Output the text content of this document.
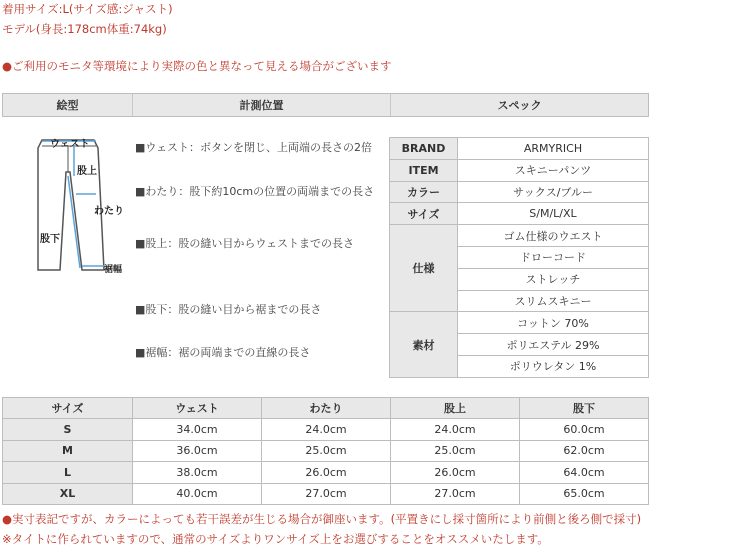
着用サイズ:L(サイズ感:ジャスト)
モデル(身長:178cm体重:74kg)
●ご利用のモニタ等環境により実際の色と異なって見える場合がございます
絵型	計測位置	スペック
ウェスト
股上
わたり
股下
裾幅
■ウェスト：ボタンを閉じ、上両端の長さの2倍
■わたり：股下約10cmの位置の両端までの長さ
■股上：股の縫い目からウェストまでの長さ
■股下：股の縫い目から裾までの長さ
■裾幅：裾の両端までの直線の長さ
BRAND	ARMYRICH
ITEM	スキニーパンツ
カラー	サックス/ブルー
サイズ	S/M/L/XL
仕様	ゴム仕様のウエスト
	ドローコード
	ストレッチ
	スリムスキニー
素材	コットン 70%
	ポリエステル 29%
	ポリウレタン 1%
サイズ	ウェスト	わたり	股上	股下
S	34.0cm	24.0cm	24.0cm	60.0cm
M	36.0cm	25.0cm	25.0cm	62.0cm
L	38.0cm	26.0cm	26.0cm	64.0cm
XL	40.0cm	27.0cm	27.0cm	65.0cm
●実寸表記ですが、カラーによっても若干誤差が生じる場合が御座います。(平置きにし採寸箇所により前側と後ろ側で採寸)
※タイトに作られていますので、通常のサイズよりワンサイズ上をお選びすることをオススメいたします。
